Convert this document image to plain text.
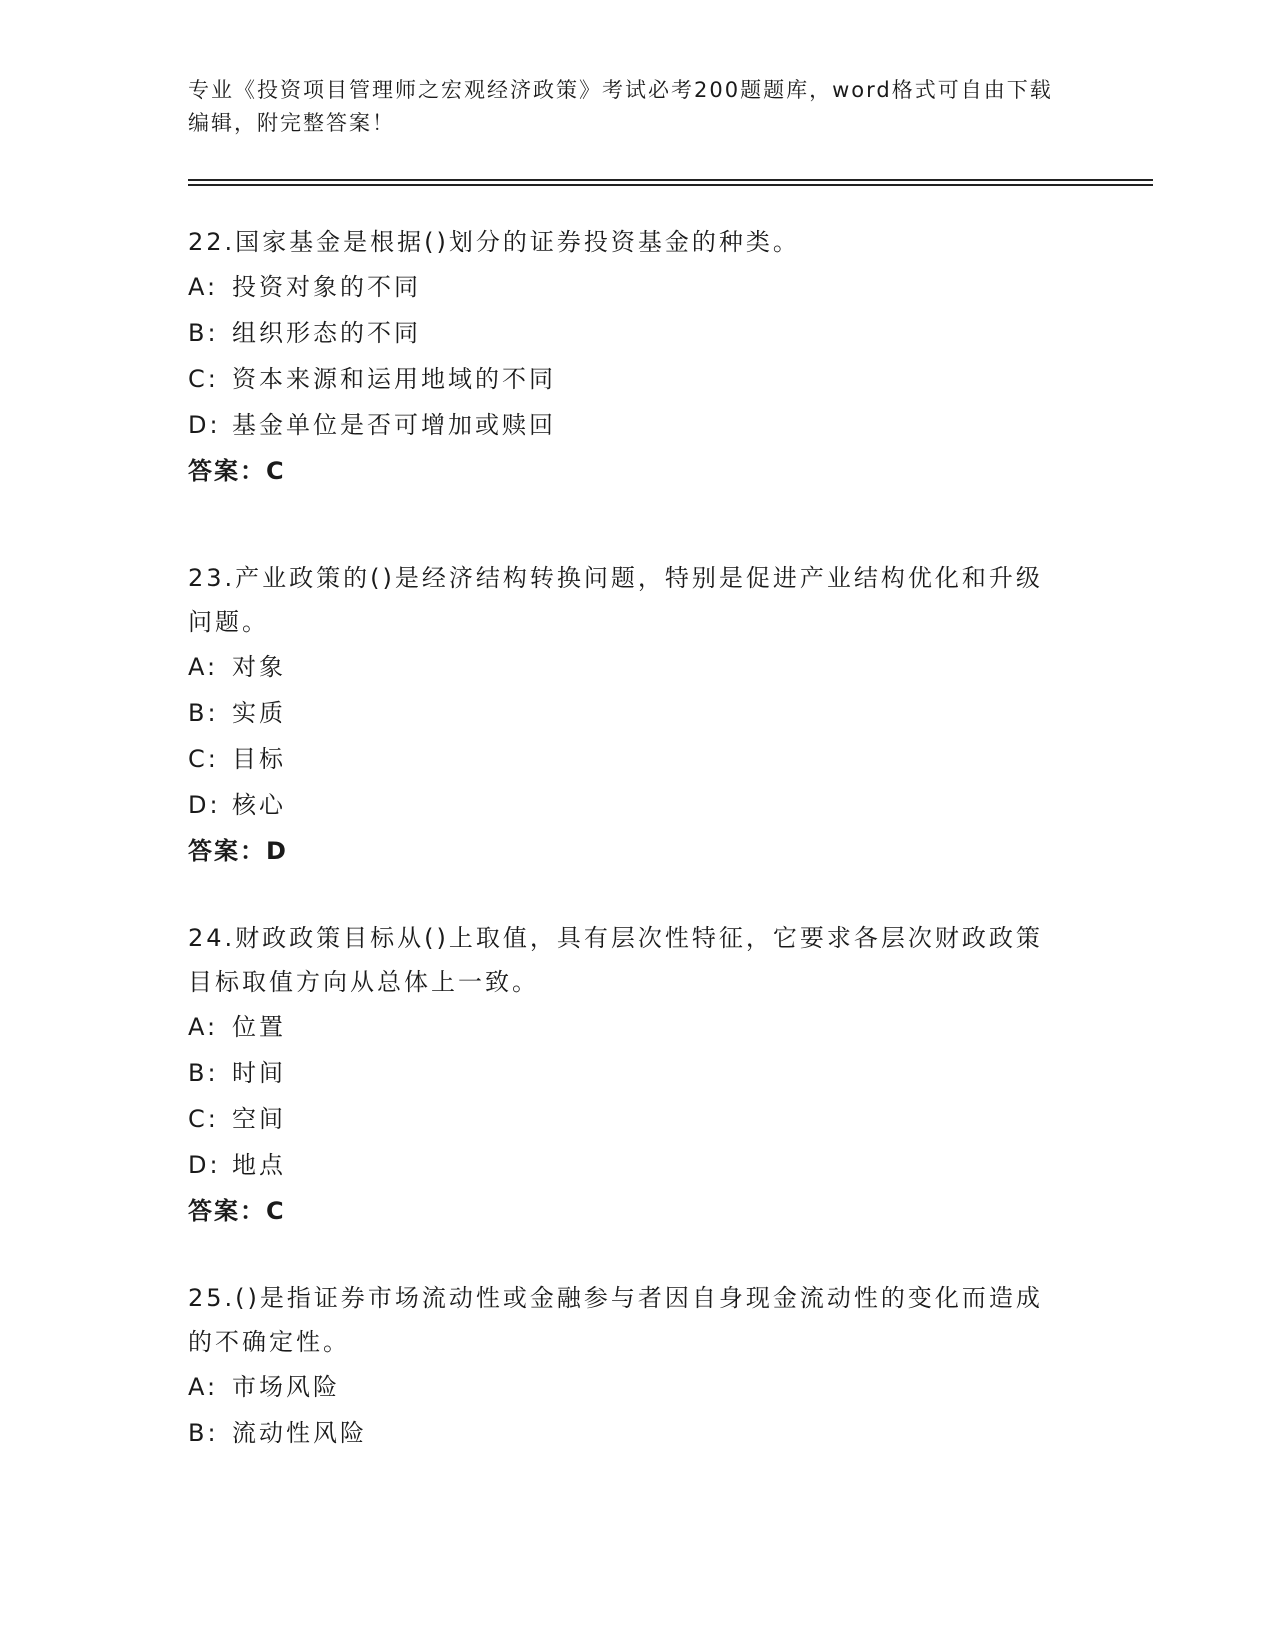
专业《投资项目管理师之宏观经济政策》考试必考200题题库，word格式可自由下载编辑，附完整答案！

22.国家基金是根据()划分的证券投资基金的种类。

A: 投资对象的不同

B: 组织形态的不同

C: 资本来源和运用地域的不同

D: 基金单位是否可增加或赎回

答案：C

23.产业政策的()是经济结构转换问题，特别是促进产业结构优化和升级问题。

A: 对象

B: 实质

C: 目标

D: 核心

答案：D

24.财政政策目标从()上取值，具有层次性特征，它要求各层次财政政策目标取值方向从总体上一致。

A: 位置

B: 时间

C: 空间

D: 地点

答案：C

25.()是指证券市场流动性或金融参与者因自身现金流动性的变化而造成的不确定性。

A: 市场风险

B: 流动性风险
